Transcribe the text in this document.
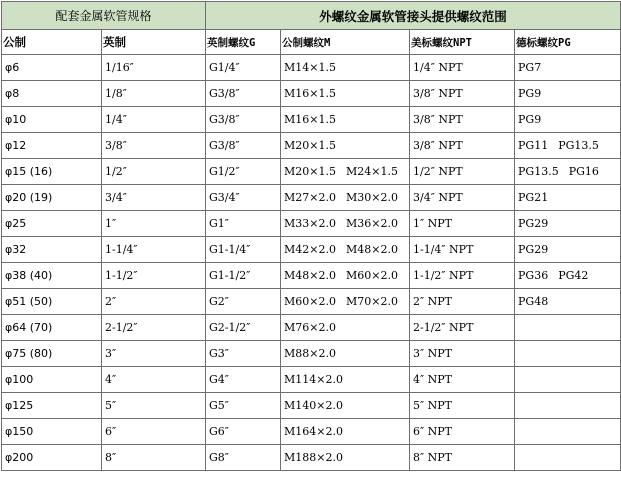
配套金属软管规格		外螺纹金属软管接头提供螺纹范围			
公制	英制	英制螺纹G	公制螺纹M	美标螺纹NPT	德标螺纹PG
φ6	1/16″	G1/4″	M14×1.5	1/4″ NPT	PG7
φ8	1/8″	G3/8″	M16×1.5	3/8″ NPT	PG9
φ10	1/4″	G3/8″	M16×1.5	3/8″ NPT	PG9
φ12	3/8″	G3/8″	M20×1.5	3/8″ NPT	PG11 PG13.5
φ15 (16)	1/2″	G1/2″	M20×1.5 M24×1.5	1/2″ NPT	PG13.5 PG16
φ20 (19)	3/4″	G3/4″	M27×2.0 M30×2.0	3/4″ NPT	PG21
φ25	1″	G1″	M33×2.0 M36×2.0	1″ NPT	PG29
φ32	1-1/4″	G1-1/4″	M42×2.0 M48×2.0	1-1/4″ NPT	PG29
φ38 (40)	1-1/2″	G1-1/2″	M48×2.0 M60×2.0	1-1/2″ NPT	PG36 PG42
φ51 (50)	2″	G2″	M60×2.0 M70×2.0	2″ NPT	PG48
φ64 (70)	2-1/2″	G2-1/2″	M76×2.0	2-1/2″ NPT	
φ75 (80)	3″	G3″	M88×2.0	3″ NPT	
φ100	4″	G4″	M114×2.0	4″ NPT	
φ125	5″	G5″	M140×2.0	5″ NPT	
φ150	6″	G6″	M164×2.0	6″ NPT	
φ200	8″	G8″	M188×2.0	8″ NPT	
